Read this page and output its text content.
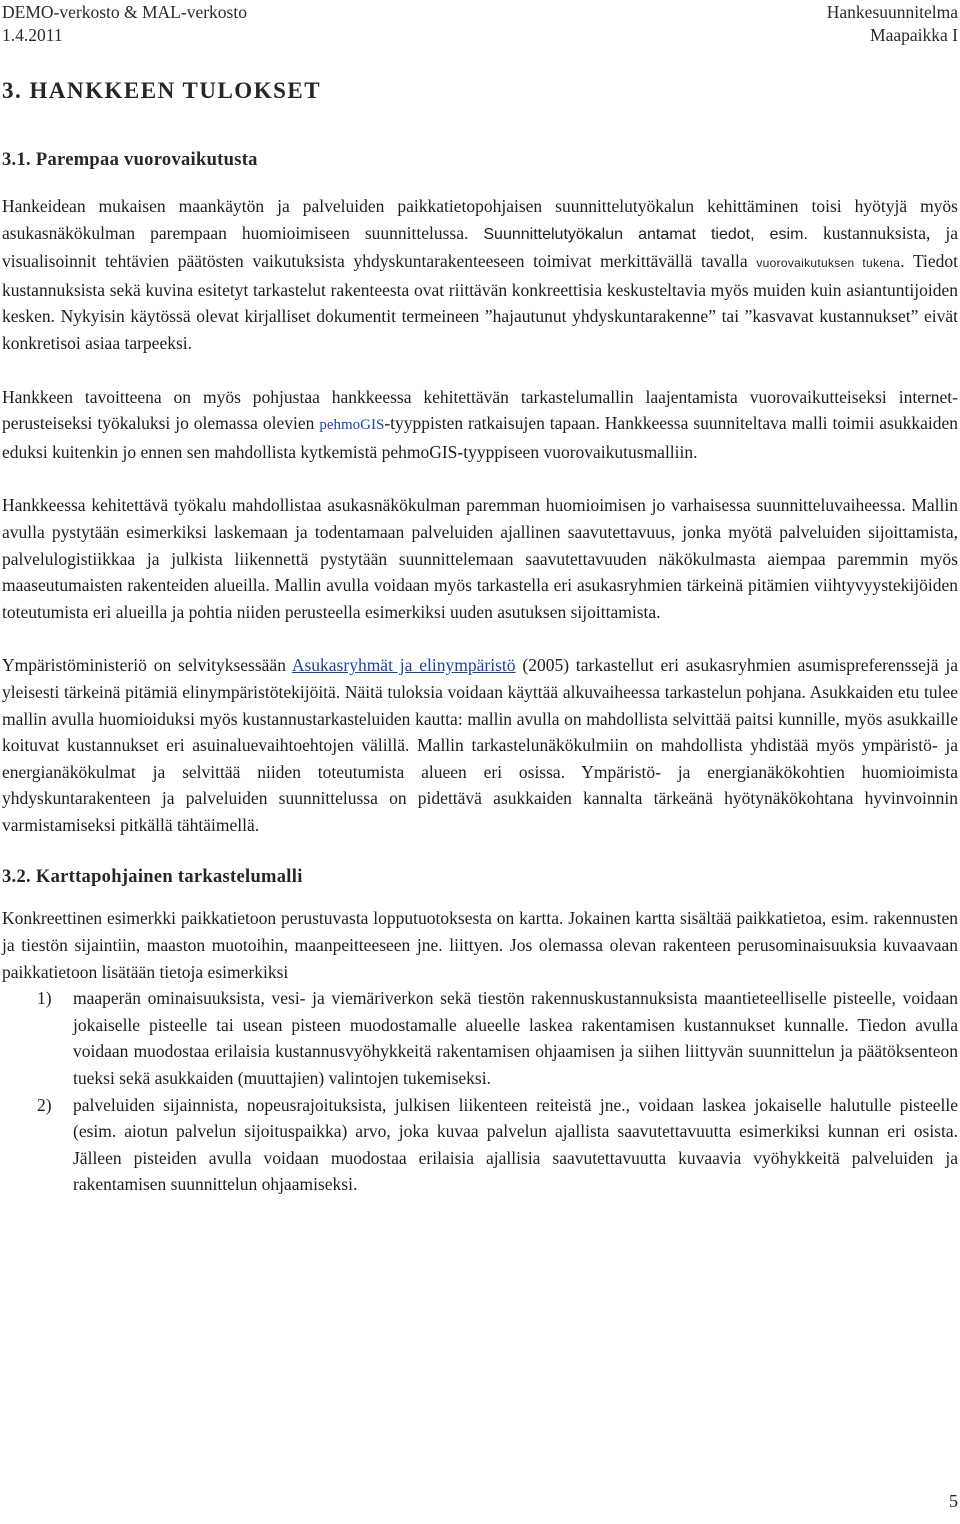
DEMO-verkosto & MAL-verkosto
1.4.2011
Hankesuunnitelma
Maapaikka I
3. HANKKEEN TULOKSET
3.1. Parempaa vuorovaikutusta

Hankeidean mukaisen maankäytön ja palveluiden paikkatietopohjaisen suunnittelutyökalun kehittäminen toisi hyötyjä myös asukasnäkökulman parempaan huomioimiseen suunnittelussa. Suunnittelutyökalun antamat tiedot, esim. kustannuksista, ja visualisoinnit tehtävien päätösten vaikutuksista yhdyskuntarakenteeseen toimivat merkittävällä tavalla vuorovaikutuksen tukena. Tiedot kustannuksista sekä kuvina esitetyt tarkastelut rakenteesta ovat riittävän konkreettisia keskusteltavia myös muiden kuin asiantuntijoiden kesken. Nykyisin käytössä olevat kirjalliset dokumentit termeineen ”hajautunut yhdyskuntarakenne” tai ”kasvavat kustannukset” eivät konkretisoi asiaa tarpeeksi.

Hankkeen tavoitteena on myös pohjustaa hankkeessa kehitettävän tarkastelumallin laajentamista vuorovaikutteiseksi internet-perusteiseksi työkaluksi jo olemassa olevien pehmoGIS-tyyppisten ratkaisujen tapaan. Hankkeessa suunniteltava malli toimii asukkaiden eduksi kuitenkin jo ennen sen mahdollista kytkemistä pehmoGIS-tyyppiseen vuorovaikutusmalliin.

Hankkeessa kehitettävä työkalu mahdollistaa asukasnäkökulman paremman huomioimisen jo varhaisessa suunnitteluvaiheessa. Mallin avulla pystytään esimerkiksi laskemaan ja todentamaan palveluiden ajallinen saavutettavuus, jonka myötä palveluiden sijoittamista, palvelulogistiikkaa ja julkista liikennettä pystytään suunnittelemaan saavutettavuuden näkökulmasta aiempaa paremmin myös maaseutumaisten rakenteiden alueilla. Mallin avulla voidaan myös tarkastella eri asukasryhmien tärkeinä pitämien viihtyvyystekijöiden toteutumista eri alueilla ja pohtia niiden perusteella esimerkiksi uuden asutuksen sijoittamista.

Ympäristöministeriö on selvityksessään Asukasryhmät ja elinympäristö (2005) tarkastellut eri asukasryhmien asumispreferenssejä ja yleisesti tärkeinä pitämiä elinympäristötekijöitä. Näitä tuloksia voidaan käyttää alkuvaiheessa tarkastelun pohjana. Asukkaiden etu tulee mallin avulla huomioiduksi myös kustannustarkasteluiden kautta: mallin avulla on mahdollista selvittää paitsi kunnille, myös asukkaille koituvat kustannukset eri asuinaluevaihtoehtojen välillä. Mallin tarkastelunäkökulmiin on mahdollista yhdistää myös ympäristö- ja energianäkökulmat ja selvittää niiden toteutumista alueen eri osissa. Ympäristö- ja energianäkökohtien huomioimista yhdyskuntarakenteen ja palveluiden suunnittelussa on pidettävä asukkaiden kannalta tärkeänä hyötynäkökohtana hyvinvoinnin varmistamiseksi pitkällä tähtäimellä.

3.2. Karttapohjainen tarkastelumalli

Konkreettinen esimerkki paikkatietoon perustuvasta lopputuotoksesta on kartta. Jokainen kartta sisältää paikkatietoa, esim. rakennusten ja tiestön sijaintiin, maaston muotoihin, maanpeitteeseen jne. liittyen. Jos olemassa olevan rakenteen perusominaisuuksia kuvaavaan paikkatietoon lisätään tietoja esimerkiksi

1) maaperän ominaisuuksista, vesi- ja viemäriverkon sekä tiestön rakennuskustannuksista maantieteelliselle pisteelle, voidaan jokaiselle pisteelle tai usean pisteen muodostamalle alueelle laskea rakentamisen kustannukset kunnalle. Tiedon avulla voidaan muodostaa erilaisia kustannusvyöhykkeitä rakentamisen ohjaamisen ja siihen liittyvän suunnittelun ja päätöksenteon tueksi sekä asukkaiden (muuttajien) valintojen tukemiseksi.
2) palveluiden sijainnista, nopeusrajoituksista, julkisen liikenteen reiteistä jne., voidaan laskea jokaiselle halutulle pisteelle (esim. aiotun palvelun sijoituspaikka) arvo, joka kuvaa palvelun ajallista saavutettavuutta esimerkiksi kunnan eri osista. Jälleen pisteiden avulla voidaan muodostaa erilaisia ajallisia saavutettavuutta kuvaavia vyöhykkeitä palveluiden ja rakentamisen suunnittelun ohjaamiseksi.
5
